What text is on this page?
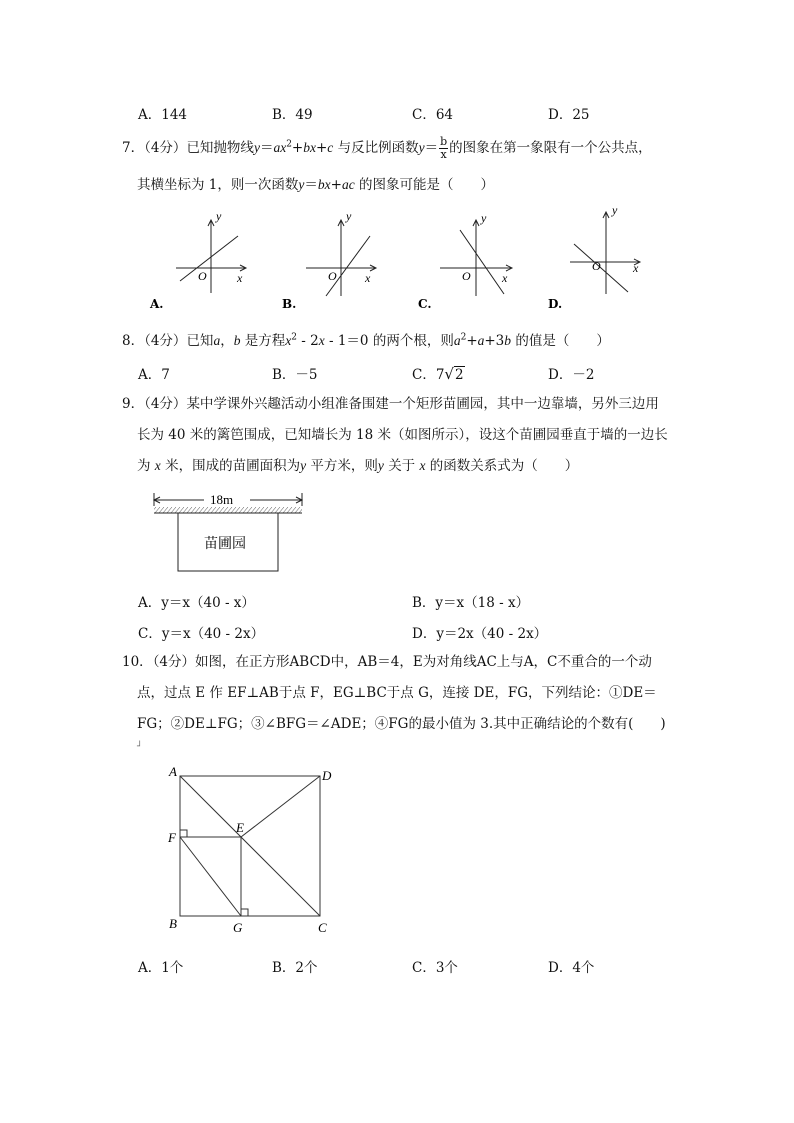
A．144	B．49	C．64	D．25
7．（4分）已知抛物线$y=ax^2+bx+c$ 与反比例函数$y= \frac{b}{x}$ 的图象在第一象限有一个公共点，
其横坐标为 1，则一次函数y＝bx+ac 的图象可能是（　　）
y
x
O
y
x
O
y
x
O
y
x
O
A.	B.	C.	D.
8．（4分）已知a，b 是方程$x^2 - 2x - 1=0$ 的两个根，则$a^2+a+3b$ 的值是（　　）
A．7	B．－5	C．7√2	D．－2
9．（4分）某中学课外兴趣活动小组准备围建一个矩形苗圃园，其中一边靠墙，另外三边用
长为 40 米的篱笆围成，已知墙长为 18 米（如图所示），设这个苗圃园垂直于墙的一边长
为 x 米，围成的苗圃面积为y 平方米，则y 关于 x 的函数关系式为（　　）
18m
苗圃园
A．y＝x（40 - x）	B．y＝x（18 - x）
C．y＝x（40 - 2x）	D．y＝2x（40 - 2x）
10．（4分）如图，在正方形ABCD中，AB＝4，E为对角线AC上与A，C不重合的一个动
点，过点 E 作 EF⊥AB于点 F，EG⊥BC于点 G，连接 DE，FG，下列结论：①DE＝
FG；②DE⊥FG；③∠BFG＝∠ADE；④FG的最小值为 3.其中正确结论的个数有(　　)
┘
A	D
F
E
B	G	C
A．1个	B．2个	C．3个	D．4个
